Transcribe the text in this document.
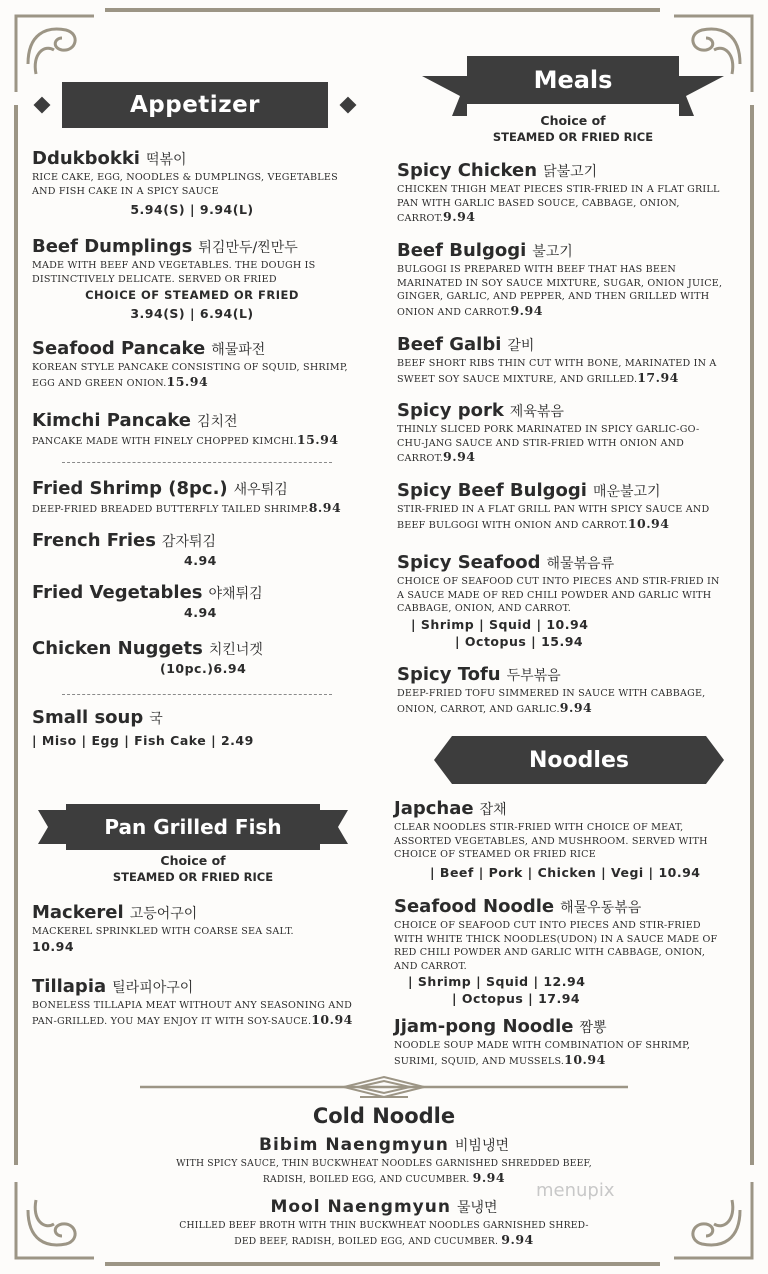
Appetizer
Meals
Choice of
STEAMED OR FRIED RICE
Ddukbokki 떡볶이
RICE CAKE, EGG, NOODLES & DUMPLINGS, VEGETABLES AND FISH CAKE IN A SPICY SAUCE
5.94(S) | 9.94(L)
Beef Dumplings 튀김만두/찐만두
MADE WITH BEEF AND VEGETABLES. THE DOUGH IS DISTINCTIVELY DELICATE. SERVED OR FRIED
CHOICE OF STEAMED OR FRIED
3.94(S) | 6.94(L)
Seafood Pancake 해물파전
KOREAN STYLE PANCAKE CONSISTING OF SQUID, SHRIMP, EGG AND GREEN ONION.15.94
Kimchi Pancake 김치전
PANCAKE MADE WITH FINELY CHOPPED KIMCHI.15.94
Fried Shrimp (8pc.) 새우튀김
DEEP-FRIED BREADED BUTTERFLY TAILED SHRIMP.8.94
French Fries 감자튀김
4.94
Fried Vegetables 야채튀김
4.94
Chicken Nuggets 치킨너겟
(10pc.)6.94
Small soup 국
| Miso | Egg | Fish Cake | 2.49
Pan Grilled Fish
Choice of
STEAMED OR FRIED RICE
Mackerel 고등어구이
MACKEREL SPRINKLED WITH COARSE SEA SALT.
10.94
Tillapia 틸라피아구이
BONELESS TILLAPIA MEAT WITHOUT ANY SEASONING AND PAN-GRILLED. YOU MAY ENJOY IT WITH SOY-SAUCE.10.94
Spicy Chicken 닭불고기
CHICKEN THIGH MEAT PIECES STIR-FRIED IN A FLAT GRILL PAN WITH GARLIC BASED SOUCE, CABBAGE, ONION, CARROT.9.94
Beef Bulgogi 불고기
BULGOGI IS PREPARED WITH BEEF THAT HAS BEEN MARINATED IN SOY SAUCE MIXTURE, SUGAR, ONION JUICE, GINGER, GARLIC, AND PEPPER, AND THEN GRILLED WITH ONION AND CARROT.9.94
Beef Galbi 갈비
BEEF SHORT RIBS THIN CUT WITH BONE, MARINATED IN A SWEET SOY SAUCE MIXTURE, AND GRILLED.17.94
Spicy pork 제육볶음
THINLY SLICED PORK MARINATED IN SPICY GARLIC-GO-CHU-JANG SAUCE AND STIR-FRIED WITH ONION AND CARROT.9.94
Spicy Beef Bulgogi 매운불고기
STIR-FRIED IN A FLAT GRILL PAN WITH SPICY SAUCE AND BEEF BULGOGI WITH ONION AND CARROT.10.94
Spicy Seafood 해물볶음류
CHOICE OF SEAFOOD CUT INTO PIECES AND STIR-FRIED IN A SAUCE MADE OF RED CHILI POWDER AND GARLIC WITH CABBAGE, ONION, AND CARROT.
| Shrimp | Squid | 10.94
| Octopus | 15.94
Spicy Tofu 두부볶음
DEEP-FRIED TOFU SIMMERED IN SAUCE WITH CABBAGE, ONION, CARROT, AND GARLIC.9.94
Noodles
Japchae 잡채
CLEAR NOODLES STIR-FRIED WITH CHOICE OF MEAT, ASSORTED VEGETABLES, AND MUSHROOM. SERVED WITH CHOICE OF STEAMED OR FRIED RICE
| Beef | Pork | Chicken | Vegi | 10.94
Seafood Noodle 해물우동볶음
CHOICE OF SEAFOOD CUT INTO PIECES AND STIR-FRIED WITH WHITE THICK NOODLES(UDON) IN A SAUCE MADE OF RED CHILI POWDER AND GARLIC WITH CABBAGE, ONION, AND CARROT.
| Shrimp | Squid | 12.94
| Octopus | 17.94
Jjam-pong Noodle 짬뽕
NOODLE SOUP MADE WITH COMBINATION OF SHRIMP, SURIMI, SQUID, AND MUSSELS.10.94
Cold Noodle
Bibim Naengmyun 비빔냉면
WITH SPICY SAUCE, THIN BUCKWHEAT NOODLES GARNISHED SHREDDED BEEF,
RADISH, BOILED EGG, AND CUCUMBER. 9.94
Mool Naengmyun 물냉면
CHILLED BEEF BROTH WITH THIN BUCKWHEAT NOODLES GARNISHED SHRED-
DED BEEF, RADISH, BOILED EGG, AND CUCUMBER. 9.94
menupix
